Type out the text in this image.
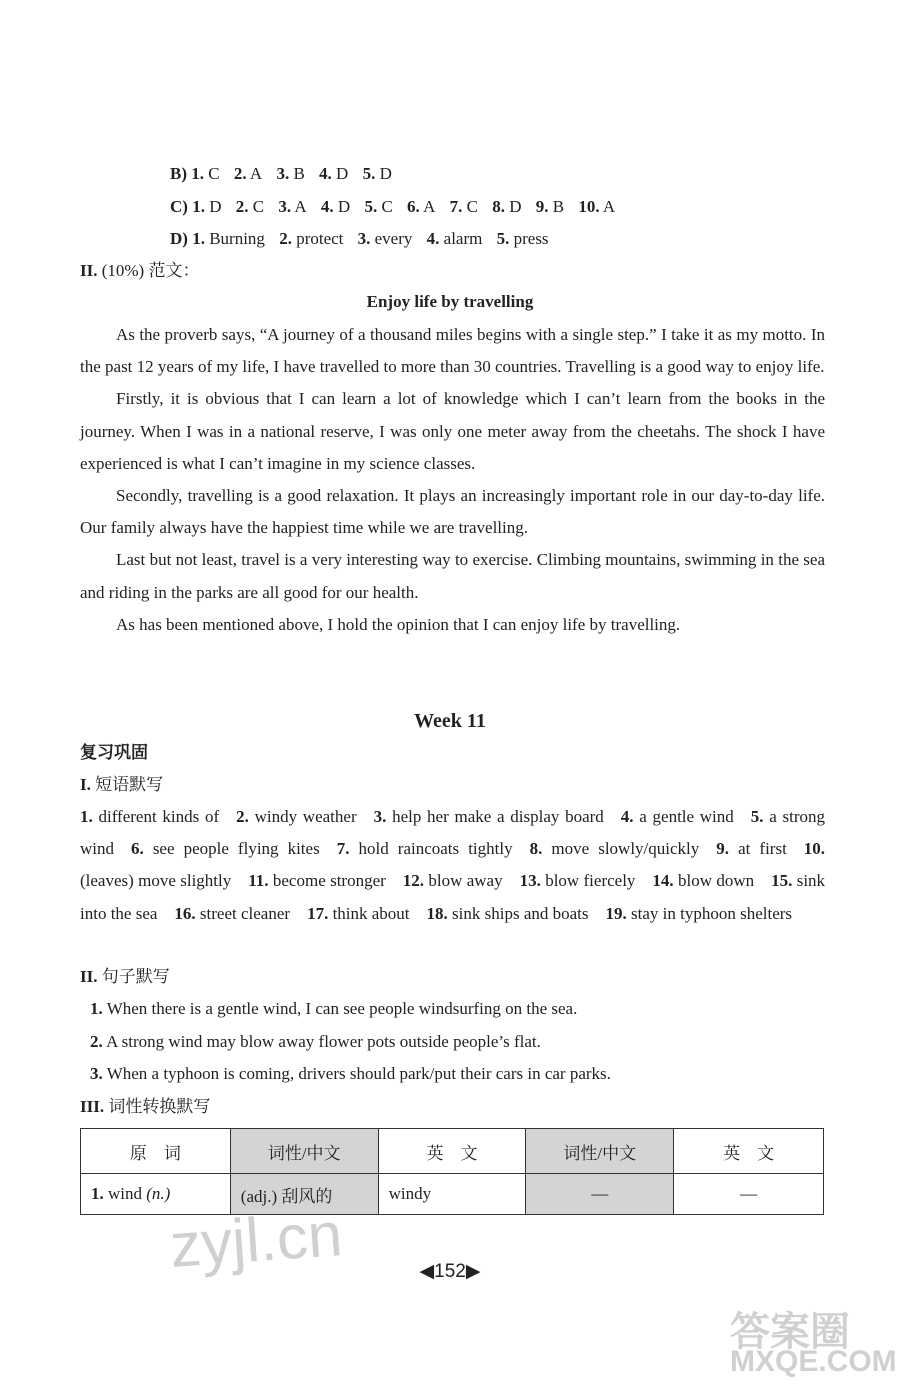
B) 1. C 2. A 3. B 4. D 5. D
C) 1. D 2. C 3. A 4. D 5. C 6. A 7. C 8. D 9. B 10. A
D) 1. Burning 2. protect 3. every 4. alarm 5. press
II. (10%) 范文：
Enjoy life by travelling
As the proverb says, “A journey of a thousand miles begins with a single step.” I take it as my motto. In the past 12 years of my life, I have travelled to more than 30 countries. Travelling is a good way to enjoy life.
Firstly, it is obvious that I can learn a lot of knowledge which I can’t learn from the books in the journey. When I was in a national reserve, I was only one meter away from the cheetahs. The shock I have experienced is what I can’t imagine in my science classes.
Secondly, travelling is a good relaxation. It plays an increasingly important role in our day-to-day life. Our family always have the happiest time while we are travelling.
Last but not least, travel is a very interesting way to exercise. Climbing mountains, swimming in the sea and riding in the parks are all good for our health.
As has been mentioned above, I hold the opinion that I can enjoy life by travelling.
Week 11
复习巩固
I. 短语默写
1. different kinds of  2. windy weather  3. help her make a display board  4. a gentle wind  5. a strong wind  6. see people flying kites  7. hold raincoats tightly  8. move slowly/quickly  9. at first  10. (leaves) move slightly  11. become stronger  12. blow away  13. blow fiercely  14. blow down  15. sink into the sea  16. street cleaner  17. think about  18. sink ships and boats  19. stay in typhoon shelters 
II. 句子默写
1. When there is a gentle wind, I can see people windsurfing on the sea.
2. A strong wind may blow away flower pots outside people’s flat.
3. When a typhoon is coming, drivers should park/put their cars in car parks.
III. 词性转换默写
原　词	词性/中文	英　文	词性/中文	英　文
1. wind (n.)	(adj.) 刮风的	windy	—	—
◀152▶
zyjl.cn
答案圈
MXQE.COM
